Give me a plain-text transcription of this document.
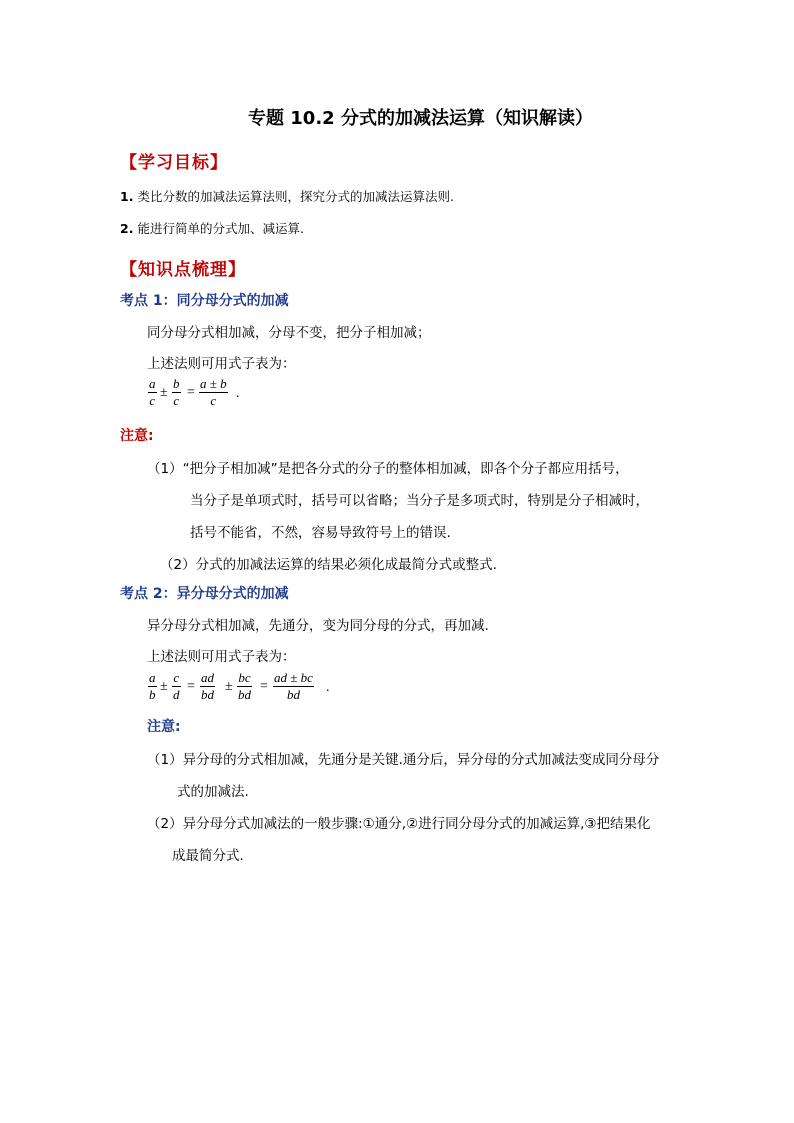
专题 10.2 分式的加减法运算（知识解读）
【学习目标】
1. 类比分数的加减法运算法则，探究分式的加减法运算法则.
2. 能进行简单的分式加、减运算.
【知识点梳理】
考点 1：同分母分式的加减
同分母分式相加减，分母不变，把分子相加减；
上述法则可用式子表为：
a
c
±
b
c
=
a ± b
c .
注意:
（1）“把分子相加减”是把各分式的分子的整体相加减，即各个分子都应用括号，
当分子是单项式时，括号可以省略；当分子是多项式时，特别是分子相减时，
括号不能省，不然，容易导致符号上的错误.
（2）分式的加减法运算的结果必须化成最简分式或整式.
考点 2：异分母分式的加减
异分母分式相加减，先通分，变为同分母的分式，再加减.
上述法则可用式子表为：
a
b
±
c
d
=
ad
bd
±
bc
bd
=
ad ± bc
bd .
注意:
（1）异分母的分式相加减，先通分是关键.通分后，异分母的分式加减法变成同分母分
式的加减法.
（2）异分母分式加减法的一般步骤:①通分,②进行同分母分式的加减运算,③把结果化
成最简分式.
